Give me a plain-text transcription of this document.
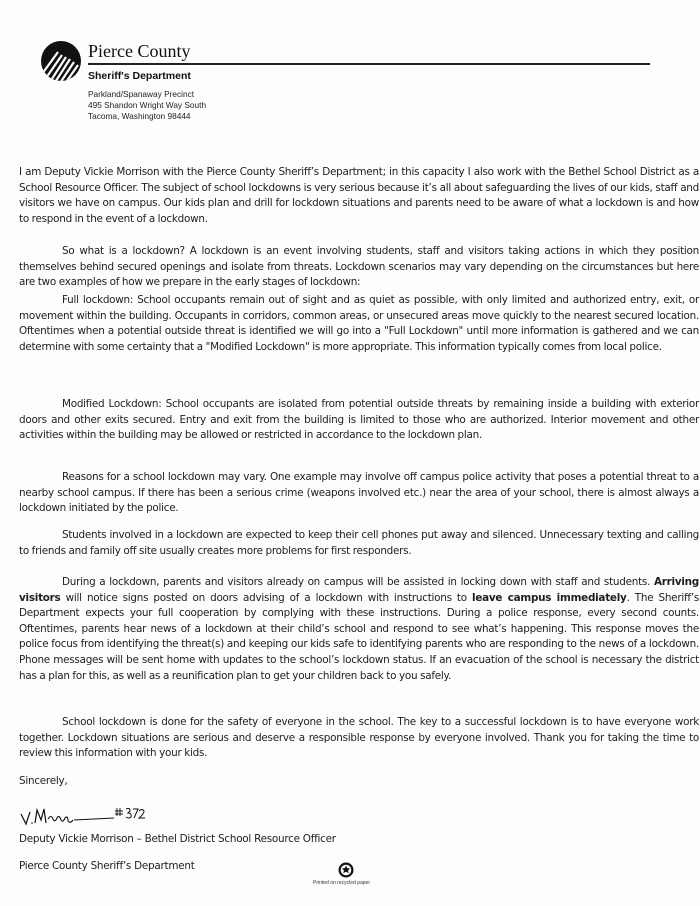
Pierce County
Sheriff's Department
Parkland/Spanaway Precinct
495 Shandon Wright Way South
Tacoma, Washington 98444

I am Deputy Vickie Morrison with the Pierce County Sheriff’s Department; in this capacity I also work with the Bethel School District as a School Resource Officer. The subject of school lockdowns is very serious because it’s all about safeguarding the lives of our kids, staff and visitors we have on campus. Our kids plan and drill for lockdown situations and parents need to be aware of what a lockdown is and how to respond in the event of a lockdown.

So what is a lockdown? A lockdown is an event involving students, staff and visitors taking actions in which they position themselves behind secured openings and isolate from threats. Lockdown scenarios may vary depending on the circumstances but here are two examples of how we prepare in the early stages of lockdown:

Full lockdown: School occupants remain out of sight and as quiet as possible, with only limited and authorized entry, exit, or movement within the building. Occupants in corridors, common areas, or unsecured areas move quickly to the nearest secured location. Oftentimes when a potential outside threat is identified we will go into a "Full Lockdown" until more information is gathered and we can determine with some certainty that a "Modified Lockdown" is more appropriate. This information typically comes from local police.

Modified Lockdown: School occupants are isolated from potential outside threats by remaining inside a building with exterior doors and other exits secured. Entry and exit from the building is limited to those who are authorized. Interior movement and other activities within the building may be allowed or restricted in accordance to the lockdown plan.

Reasons for a school lockdown may vary. One example may involve off campus police activity that poses a potential threat to a nearby school campus. If there has been a serious crime (weapons involved etc.) near the area of your school, there is almost always a lockdown initiated by the police.

Students involved in a lockdown are expected to keep their cell phones put away and silenced. Unnecessary texting and calling to friends and family off site usually creates more problems for first responders.

During a lockdown, parents and visitors already on campus will be assisted in locking down with staff and students. Arriving visitors will notice signs posted on doors advising of a lockdown with instructions to leave campus immediately. The Sheriff’s Department expects your full cooperation by complying with these instructions. During a police response, every second counts. Oftentimes, parents hear news of a lockdown at their child’s school and respond to see what’s happening. This response moves the police focus from identifying the threat(s) and keeping our kids safe to identifying parents who are responding to the news of a lockdown. Phone messages will be sent home with updates to the school’s lockdown status. If an evacuation of the school is necessary the district has a plan for this, as well as a reunification plan to get your children back to you safely.

School lockdown is done for the safety of everyone in the school. The key to a successful lockdown is to have everyone work together. Lockdown situations are serious and deserve a responsible response by everyone involved. Thank you for taking the time to review this information with your kids.

Sincerely,
Deputy Vickie Morrison – Bethel District School Resource Officer
Pierce County Sheriff’s Department
Printed on recycled paper
